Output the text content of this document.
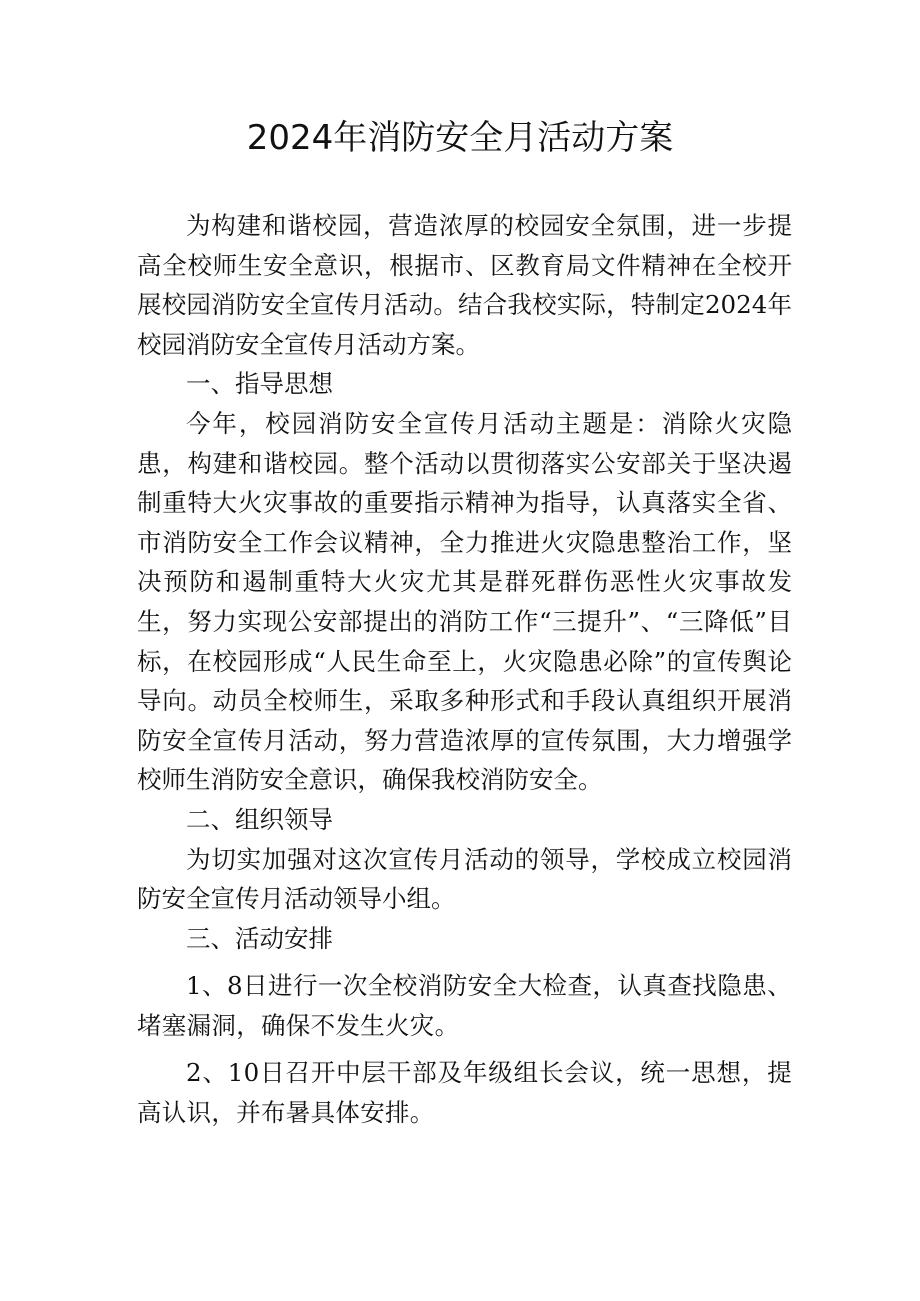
2024年消防安全月活动方案

为构建和谐校园，营造浓厚的校园安全氛围，进一步提高全校师生安全意识，根据市、区教育局文件精神在全校开展校园消防安全宣传月活动。结合我校实际，特制定2024年校园消防安全宣传月活动方案。

一、指导思想

今年，校园消防安全宣传月活动主题是：消除火灾隐患，构建和谐校园。整个活动以贯彻落实公安部关于坚决遏制重特大火灾事故的重要指示精神为指导，认真落实全省、市消防安全工作会议精神，全力推进火灾隐患整治工作，坚决预防和遏制重特大火灾尤其是群死群伤恶性火灾事故发生，努力实现公安部提出的消防工作“三提升”、“三降低”目标，在校园形成“人民生命至上，火灾隐患必除”的宣传舆论导向。动员全校师生，采取多种形式和手段认真组织开展消防安全宣传月活动，努力营造浓厚的宣传氛围，大力增强学校师生消防安全意识，确保我校消防安全。

二、组织领导

为切实加强对这次宣传月活动的领导，学校成立校园消防安全宣传月活动领导小组。

三、活动安排

1、8日进行一次全校消防安全大检查，认真查找隐患、堵塞漏洞，确保不发生火灾。

2、10日召开中层干部及年级组长会议，统一思想，提高认识，并布暑具体安排。
